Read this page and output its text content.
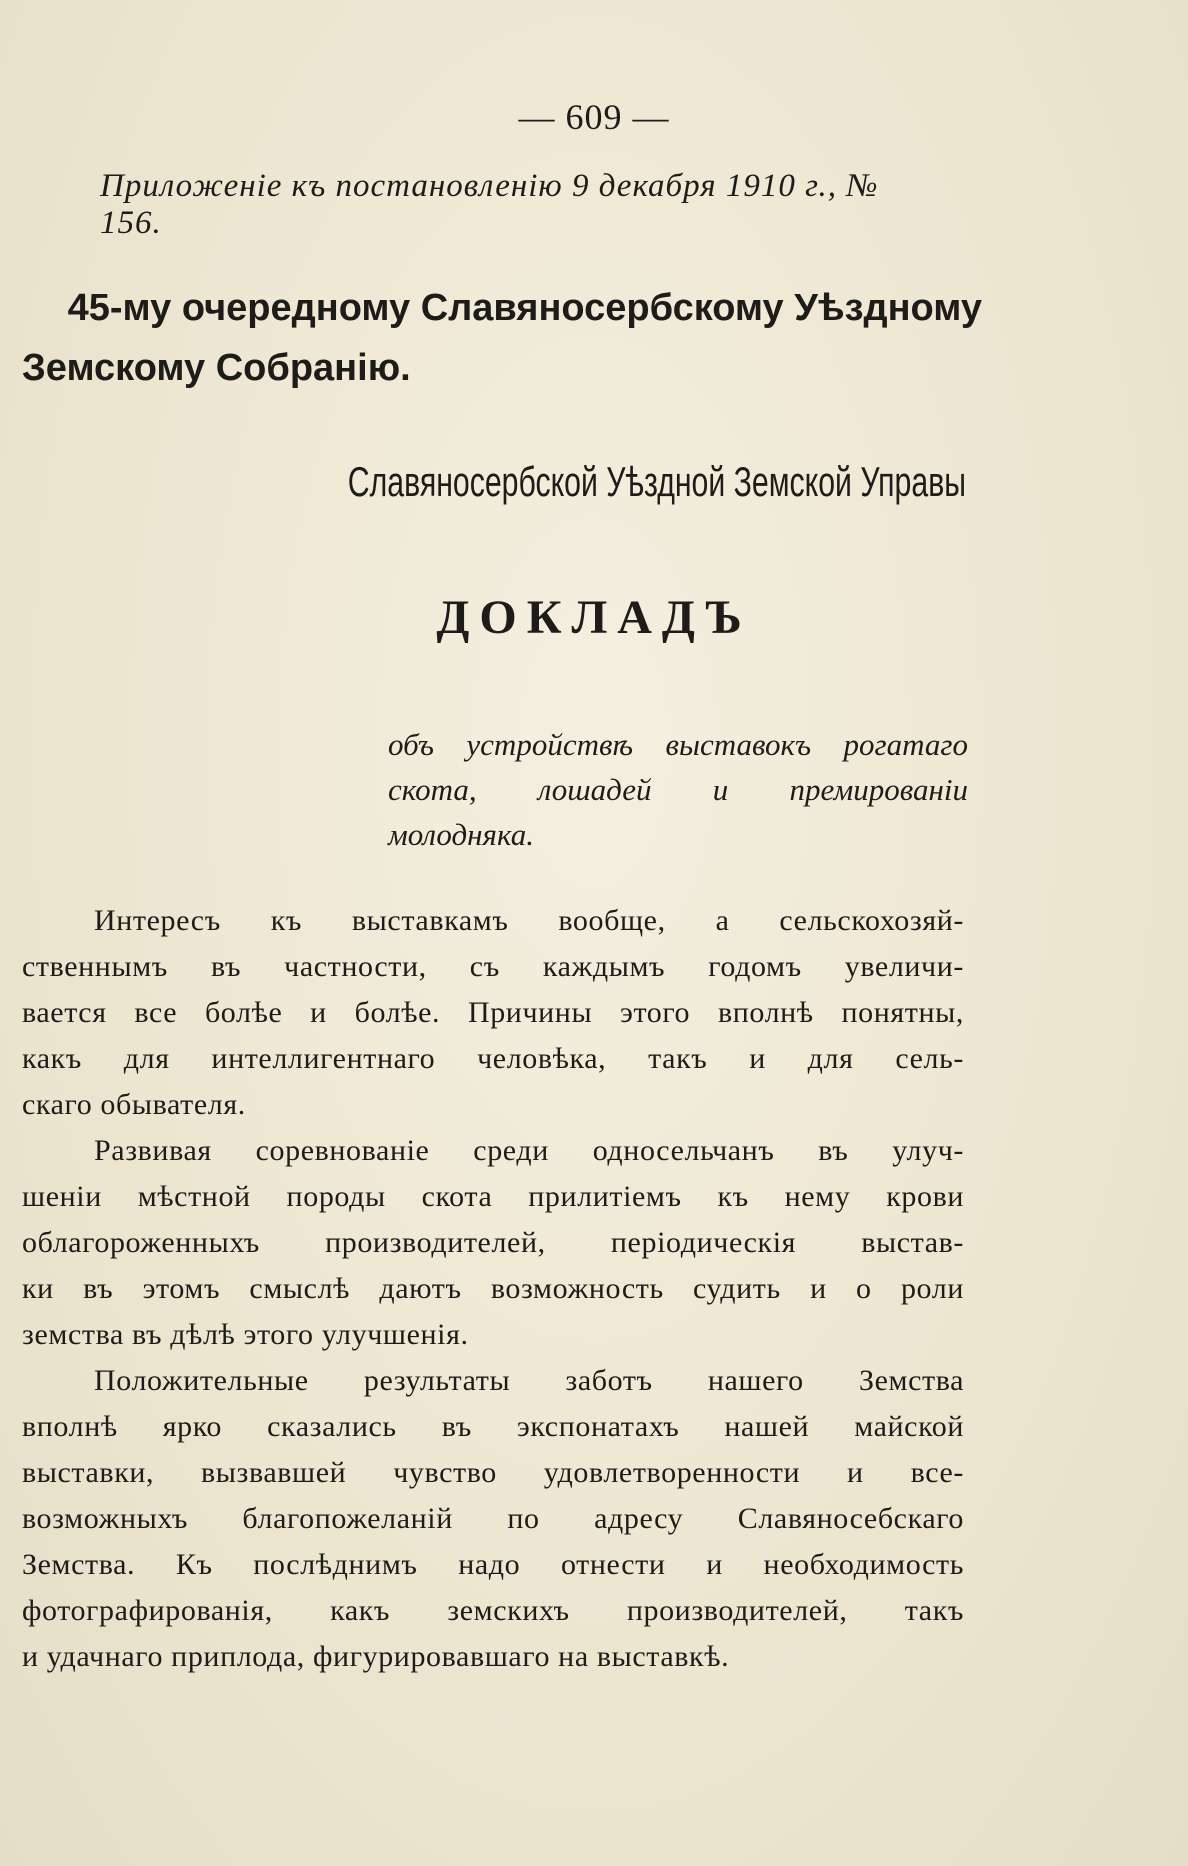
— 609 —
Приложеніе къ постановленію 9 декабря 1910 г., № 156.
45-му очередному Славяносербскому Уѣздному
Земскому Собранію.
Славяносербской Уѣздной Земской Управы
ДОКЛАДЪ
объ устройствѣ выставокъ рогатаго
скота, лошадей и премированіи
молодняка.
Интересъ къ выставкамъ вообще, а сельскохозяй-
ственнымъ въ частности, съ каждымъ годомъ увеличи-
вается все болѣе и болѣе. Причины этого вполнѣ понятны,
какъ для интеллигентнаго человѣка, такъ и для сель-
скаго обывателя.
Развивая соревнованіе среди односельчанъ въ улуч-
шеніи мѣстной породы скота прилитіемъ къ нему крови
облагороженныхъ производителей, періодическія выстав-
ки въ этомъ смыслѣ даютъ возможность судить и о роли
земства въ дѣлѣ этого улучшенія.
Положительные результаты заботъ нашего Земства
вполнѣ ярко сказались въ экспонатахъ нашей майской
выставки, вызвавшей чувство удовлетворенности и все-
возможныхъ благопожеланій по адресу Славяносебскаго
Земства. Къ послѣднимъ надо отнести и необходимость
фотографированія, какъ земскихъ производителей, такъ
и удачнаго приплода, фигурировавшаго на выставкѣ.
